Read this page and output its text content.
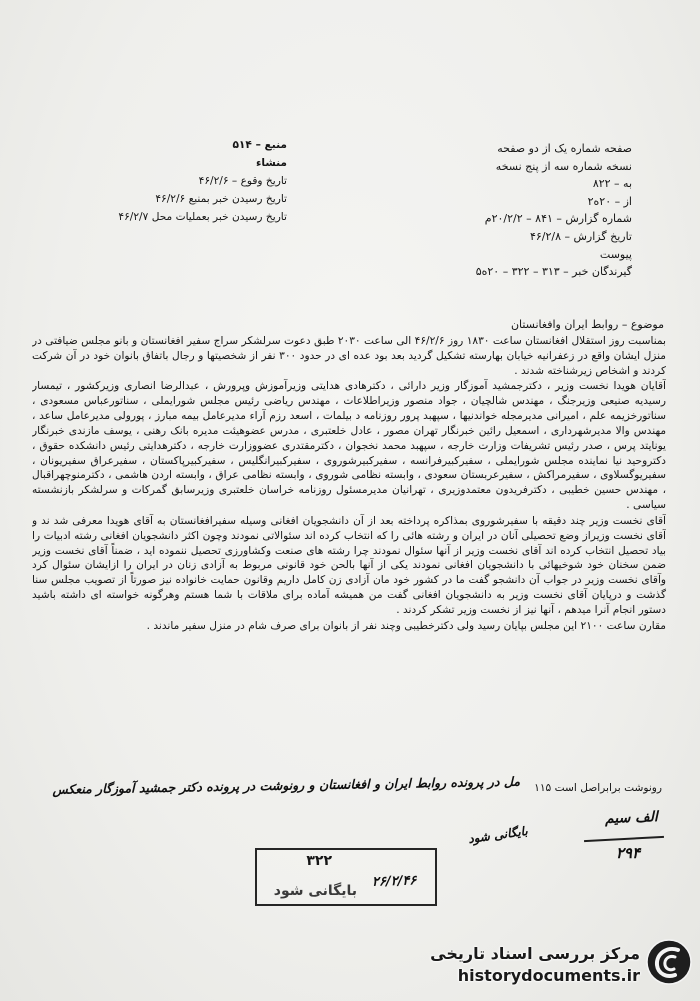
منبع – ۵۱۴
منشاء
تاریخ وقوع – ۴۶/۲/۶
تاریخ رسیدن خبر بمنبع ۴۶/۲/۶
تاریخ رسیدن خبر بعملیات محل ۴۶/۲/۷
صفحه شماره یک از دو صفحه
نسخه شماره سه از پنج نسخه
به – ۸۲۲
از – ۲۰ه۲
شماره گزارش – ۸۴۱ – ۲۰/۲/۲م
تاریخ گزارش – ۴۶/۲/۸
پیوست
گیرندگان خبر – ۳۱۳ – ۳۲۲ – ۲۰ه۵
موضوع – روابط ایران وافغانستان

بمناسبت روز استقلال افغانستان ساعت ۱۸۳۰ روز ۴۶/۲/۶ الی ساعت ۲۰۳۰ طبق دعوت سرلشکر سراج سفیر افغانستان و بانو مجلس ضیافتی در منزل ایشان واقع در زعفرانیه خیابان بهارسته تشکیل گردید بعد بود عده ای در حدود ۳۰۰ نفر از شخصیتها و رجال باتفاق بانوان خود در آن شرکت کردند و اشخاص زیرشناخته شدند .

آقایان هویدا نخست وزیر ، دکترجمشید آموزگار وزیر دارائی ، دکترهادی هدایتی وزیرآموزش وپرورش ، عبدالرضا انصاری وزیرکشور ، تیمسار رسیدیه صنیعی وزیرجنگ ، مهندس شالچیان ، جواد منصور وزیراطلاعات ، مهندس ریاضی رئیس مجلس شورایملی ، سناتورعباس مسعودی ، سناتورخزیمه علم ، امیرانی مدیرمجله خواندنیها ، سپهبد پرور روزنامه د بیلمات ، اسعد رزم آراء مدیرعامل بیمه مبارز ، پورولی مدیرعامل ساعد ، مهندس والا مدیرشهرداری ، اسمعیل رائین خبرنگار تهران مصور ، عادل خلعتبری ، مدرس عضوهیئت مدیره بانک رهنی ، یوسف مازندی خبرنگار یونایتد پرس ، صدر رئیس تشریفات وزارت خارجه ، سپهبد محمد نخجوان ، دکترمقتدری عضووزارت خارجه ، دکترهدایتی رئیس دانشکده حقوق ، دکتروحید نیا نماینده مجلس شورایملی ، سفیرکبیرفرانسه ، سفیرکبیرشوروی ، سفیرکبیرانگلیس ، سفیرکبیرپاکستان ، سفیرعراق سفیریونان ، سفیریوگسلاوی ، سفیرمراکش ، سفیرعربستان سعودی ، وابسته نظامی شوروی ، وابسته نظامی عراق ، وابسته اردن هاشمی ، دکترمنوچهراقبال ، مهندس حسین خطیبی ، دکترفریدون معتمدوزیری ، تهرانیان مدیرمسئول روزنامه خراسان خلعتبری وزیرسابق گمرکات و سرلشکر بازنشسته سیاسی .

آقای نخست وزیر چند دقیقه با سفیرشوروی بمذاکره پرداخته بعد از آن دانشجویان افغانی وسیله سفیرافغانستان به آقای هویدا معرفی شد ند و آقای نخست وزیراز وضع تحصیلی آنان در ایران و رشته هائی را که انتخاب کرده اند سئوالاتی نمودند وچون اکثر دانشجویان افغانی رشته ادبیات را بیاد تحصیل انتخاب کرده اند آقای نخست وزیر از آنها سئوال نمودند چرا رشته های صنعت وکشاورزی تحصیل ننموده اید ، ضمناً آقای نخست وزیر ضمن سخنان خود شوخیهائی با دانشجویان افغانی نمودند یکی از آنها بالحن خود قانونی مربوط به آزادی زنان در ایران را ازایشان سئوال کرد وآقای نخست وزیر در جواب آن دانشجو گفت ما در کشور خود مان آزادی زن کامل داریم وقانون حمایت خانواده نیز صورتاً از تصویب مجلس سنا گذشت و درپایان آقای نخست وزیر به دانشجویان افغانی گفت من همیشه آماده برای ملاقات با شما هستم وهرگونه خواسته ای داشته باشید دستور انجام آنرا میدهم ، آنها نیز از نخست وزیر تشکر کردند .

مقارن ساعت ۲۱۰۰ این مجلس بپایان رسید ولی دکترخطیبی وچند نفر از بانوان برای صرف شام در منزل سفیر ماندند .

رونوشت برابراصل است ۱۱۵
مل در پرونده روابط ایران و افغانستان و رونوشت در پرونده دکتر جمشید آموزگار منعکس
الف سیم
۲۹۴
بایگانی شود
۳۲۲
بایگانی شود
۲۶/۲/۴۶
مرکز بررسی اسناد تاریخی
historydocuments.ir
